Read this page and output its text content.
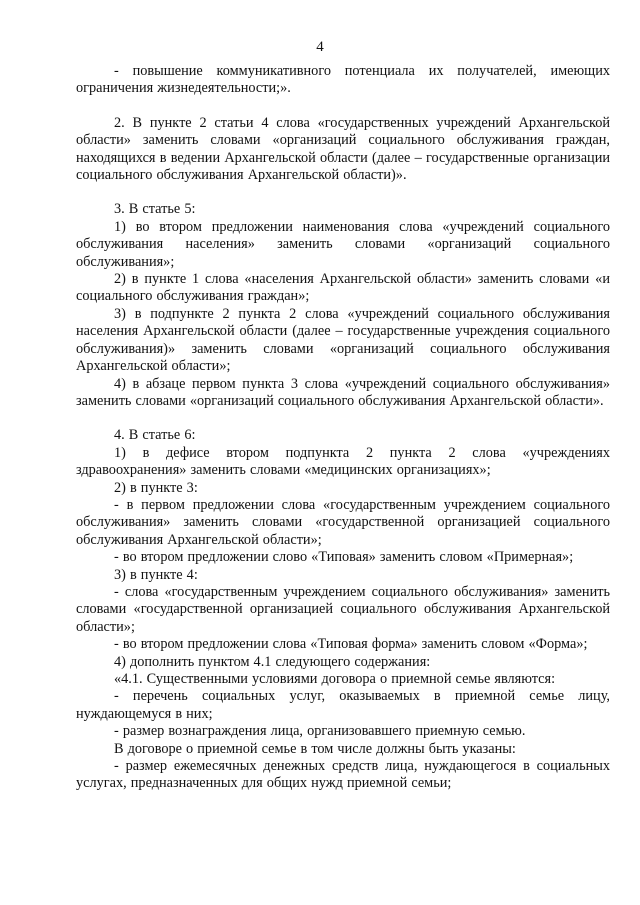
4

- повышение коммуникативного потенциала их получателей, имеющих ограничения жизнедеятельности;».

2. В пункте 2 статьи 4 слова «государственных учреждений Архангельской области» заменить словами «организаций социального обслуживания граждан, находящихся в ведении Архангельской области (далее – государственные организации социального обслуживания Архангельской области)».

3. В статье 5:

1) во втором предложении наименования слова «учреждений социального обслуживания населения» заменить словами «организаций социального обслуживания»;

2) в пункте 1 слова «населения Архангельской области» заменить словами «и социального обслуживания граждан»;

3) в подпункте 2 пункта 2 слова «учреждений социального обслуживания населения Архангельской области (далее – государственные учреждения социального обслуживания)» заменить словами «организаций социального обслуживания Архангельской области»;

4) в абзаце первом пункта 3 слова «учреждений социального обслуживания» заменить словами «организаций социального обслуживания Архангельской области».

4. В статье 6:

1) в дефисе втором подпункта 2 пункта 2 слова «учреждениях здравоохранения» заменить словами «медицинских организациях»;

2) в пункте 3:

- в первом предложении слова «государственным учреждением социального обслуживания» заменить словами «государственной организацией социального обслуживания Архангельской области»;

- во втором предложении слово «Типовая» заменить словом «Примерная»;

3) в пункте 4:

- слова «государственным учреждением социального обслуживания» заменить словами «государственной организацией социального обслуживания Архангельской области»;

- во втором предложении слова «Типовая форма» заменить словом «Форма»;

4) дополнить пунктом 4.1 следующего содержания:

«4.1. Существенными условиями договора о приемной семье являются:

- перечень социальных услуг, оказываемых в приемной семье лицу, нуждающемуся в них;

- размер вознаграждения лица, организовавшего приемную семью.

В договоре о приемной семье в том числе должны быть указаны:

- размер ежемесячных денежных средств лица, нуждающегося в социальных услугах, предназначенных для общих нужд приемной семьи;
